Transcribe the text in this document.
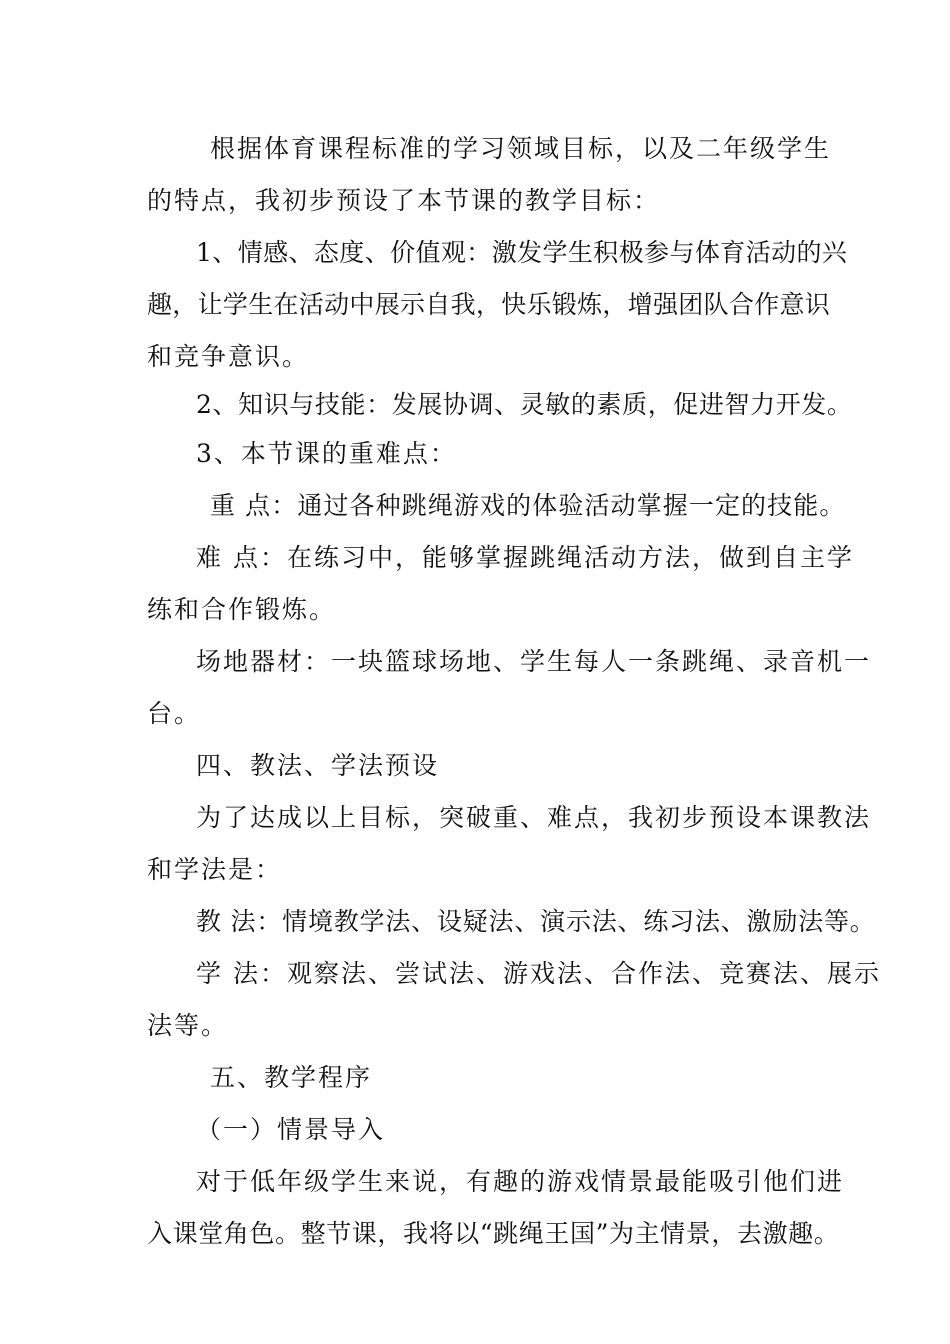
根据体育课程标准的学习领域目标，以及二年级学生
的特点，我初步预设了本节课的教学目标：
1、情感、态度、价值观：激发学生积极参与体育活动的兴
趣，让学生在活动中展示自我，快乐锻炼，增强团队合作意识
和竞争意识。
2、知识与技能：发展协调、灵敏的素质，促进智力开发。
3、本节课的重难点：
重 点：通过各种跳绳游戏的体验活动掌握一定的技能。
难 点：在练习中，能够掌握跳绳活动方法，做到自主学
练和合作锻炼。
场地器材：一块篮球场地、学生每人一条跳绳、录音机一
台。
四、教法、学法预设
为了达成以上目标，突破重、难点，我初步预设本课教法
和学法是：
教 法：情境教学法、设疑法、演示法、练习法、激励法等。
学 法：观察法、尝试法、游戏法、合作法、竞赛法、展示
法等。
五、教学程序
（一）情景导入
对于低年级学生来说，有趣的游戏情景最能吸引他们进
入课堂角色。整节课，我将以“跳绳王国”为主情景，去激趣。
